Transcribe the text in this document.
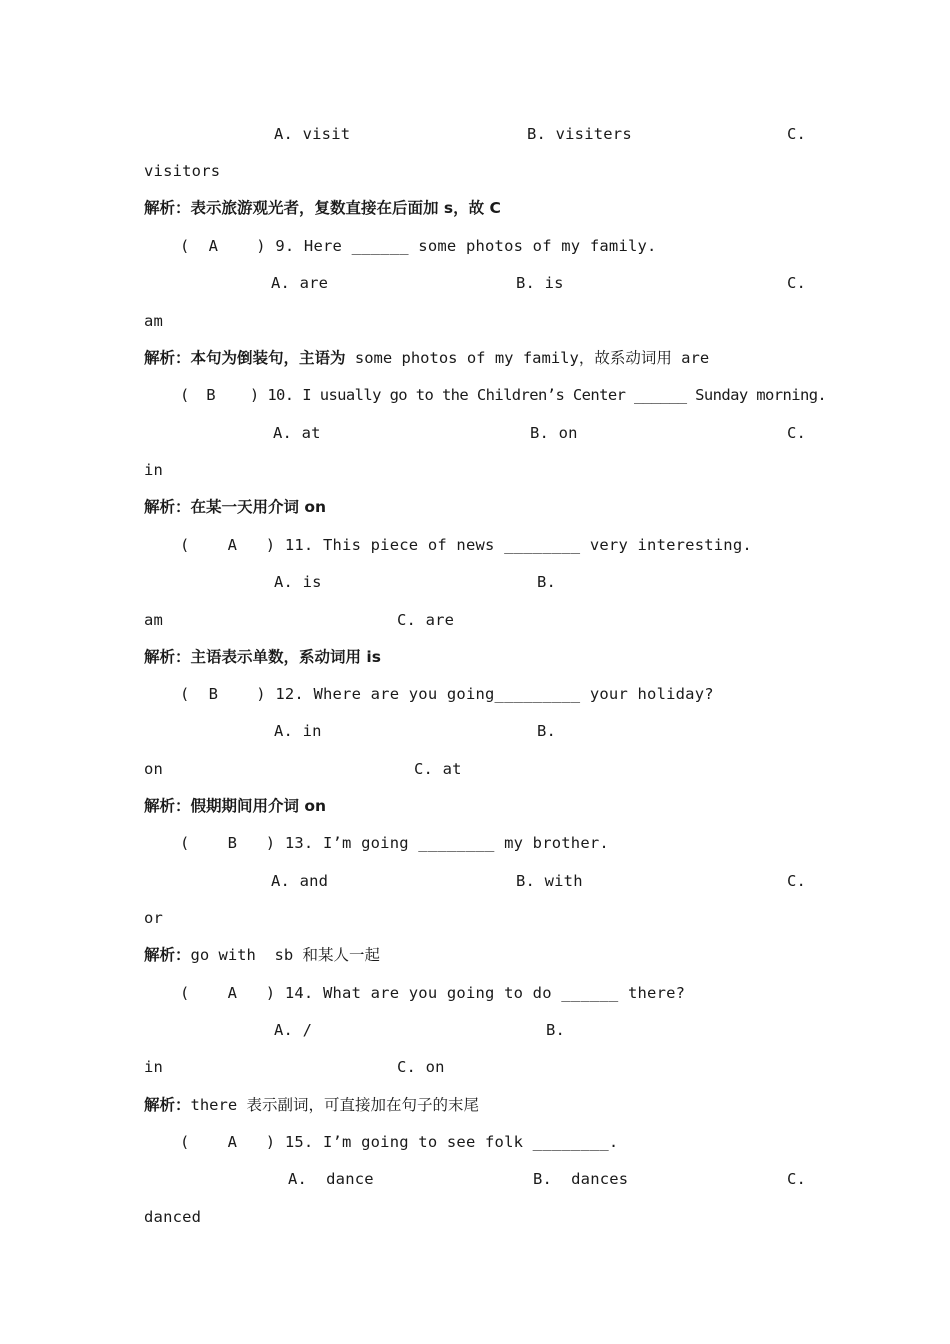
A. visit	B. visiters	C.
visitors
解析：表示旅游观光者，复数直接在后面加 s，故 C
(  A    ) 9. Here ______ some photos of my family.
A. are	B. is	C.
am
解析：本句为倒装句，主语为 some photos of my family，故系动词用 are
(  B    ) 10. I usually go to the Children’s Center ______ Sunday morning.
A. at	B. on	C.
in
解析：在某一天用介词 on
(    A   ) 11. This piece of news ________ very interesting.
A. is	B.
am	C. are
解析：主语表示单数，系动词用 is
(  B    ) 12. Where are you going_________ your holiday?
A. in	B.
on	C. at
解析：假期期间用介词 on
(    B   ) 13. I’m going ________ my brother.
A. and	B. with	C.
or
解析：go with  sb 和某人一起
(    A   ) 14. What are you going to do ______ there?
A. /	B.
in	C. on
解析：there 表示副词，可直接加在句子的末尾
(    A   ) 15. I’m going to see folk ________.
A.  dance	B.  dances	C.
danced
